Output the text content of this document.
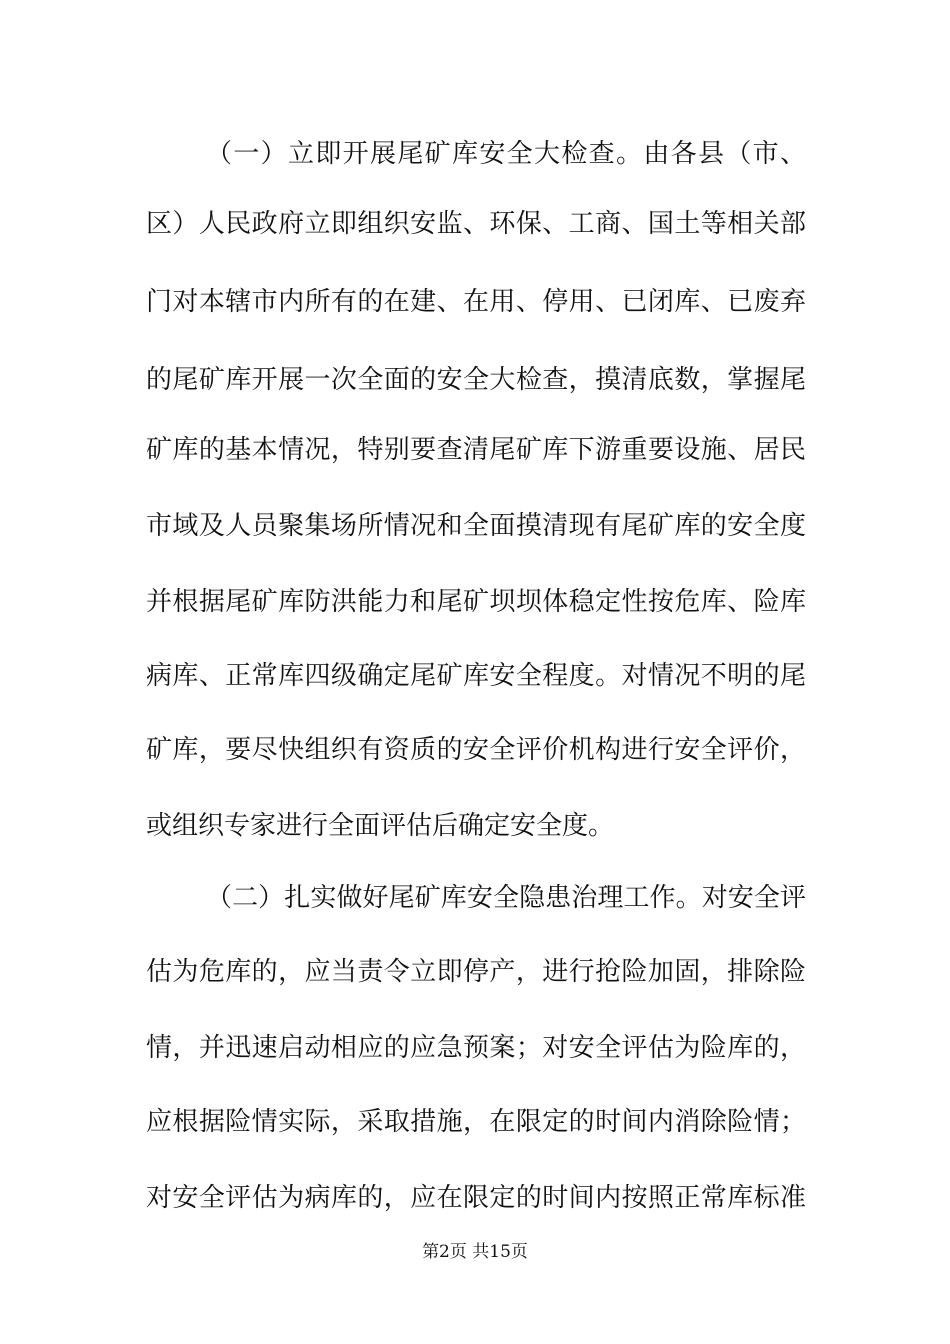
（一）立即开展尾矿库安全大检查。由各县（市、
区）人民政府立即组织安监、环保、工商、国土等相关部
门对本辖市内所有的在建、在用、停用、已闭库、已废弃
的尾矿库开展一次全面的安全大检查，摸清底数，掌握尾
矿库的基本情况，特别要查清尾矿库下游重要设施、居民
市域及人员聚集场所情况和全面摸清现有尾矿库的安全度
并根据尾矿库防洪能力和尾矿坝坝体稳定性按危库、险库
病库、正常库四级确定尾矿库安全程度。对情况不明的尾
矿库，要尽快组织有资质的安全评价机构进行安全评价，
或组织专家进行全面评估后确定安全度。
（二）扎实做好尾矿库安全隐患治理工作。对安全评
估为危库的，应当责令立即停产，进行抢险加固，排除险
情，并迅速启动相应的应急预案；对安全评估为险库的，
应根据险情实际，采取措施，在限定的时间内消除险情；
对安全评估为病库的，应在限定的时间内按照正常库标准
第2页 共15页
